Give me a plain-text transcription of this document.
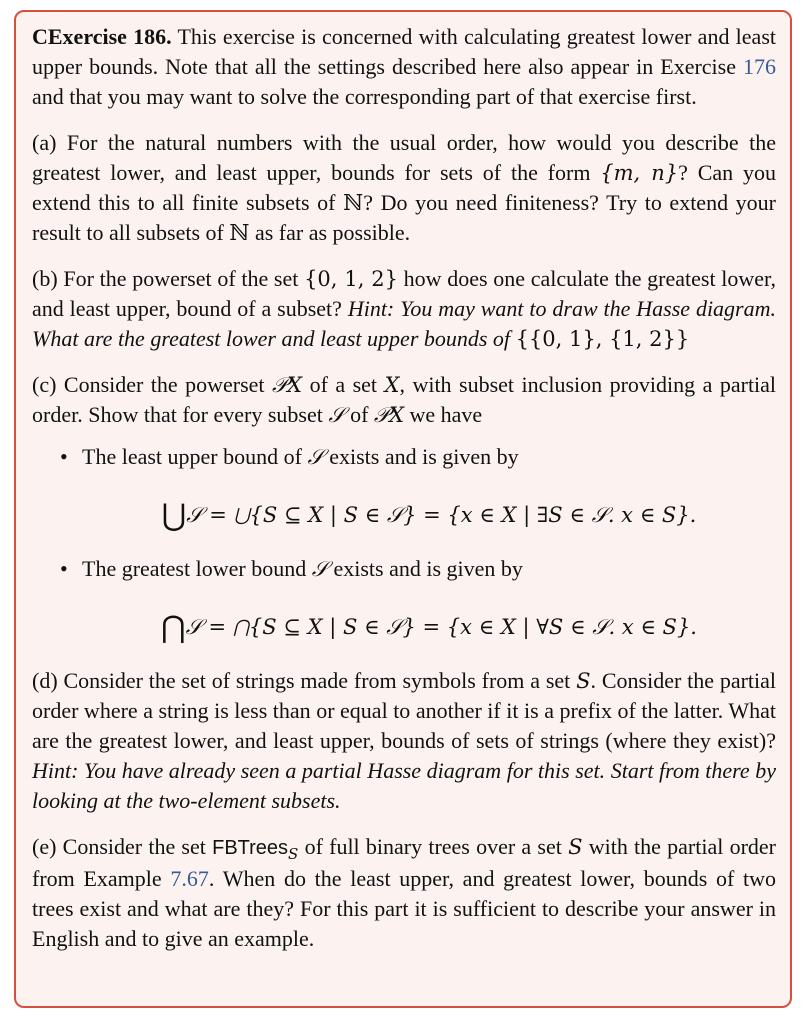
CExercise 186. This exercise is concerned with calculating greatest lower and least upper bounds. Note that all the settings described here also appear in Exercise 176 and that you may want to solve the corresponding part of that exercise first.

(a) For the natural numbers with the usual order, how would you describe the greatest lower, and least upper, bounds for sets of the form {m, n}? Can you extend this to all finite subsets of ℕ? Do you need finiteness? Try to extend your result to all subsets of ℕ as far as possible.

(b) For the powerset of the set {0, 1, 2} how does one calculate the greatest lower, and least upper, bound of a subset? Hint: You may want to draw the Hasse diagram. What are the greatest lower and least upper bounds of {{0, 1}, {1, 2}}

(c) Consider the powerset 𝒫X of a set X, with subset inclusion providing a partial order. Show that for every subset 𝒮 of 𝒫X we have

• The least upper bound of 𝒮 exists and is given by
⋃𝒮 = ⋃{S ⊆ X | S ∈ 𝒮} = {x ∈ X | ∃S ∈ 𝒮. x ∈ S}.
• The greatest lower bound 𝒮 exists and is given by
⋂𝒮 = ⋂{S ⊆ X | S ∈ 𝒮} = {x ∈ X | ∀S ∈ 𝒮. x ∈ S}.

(d) Consider the set of strings made from symbols from a set S. Consider the partial order where a string is less than or equal to another if it is a prefix of the latter. What are the greatest lower, and least upper, bounds of sets of strings (where they exist)? Hint: You have already seen a partial Hasse diagram for this set. Start from there by looking at the two-element subsets.

(e) Consider the set FBTrees$_S$ of full binary trees over a set S with the partial order from Example 7.67. When do the least upper, and greatest lower, bounds of two trees exist and what are they? For this part it is sufficient to describe your answer in English and to give an example.
